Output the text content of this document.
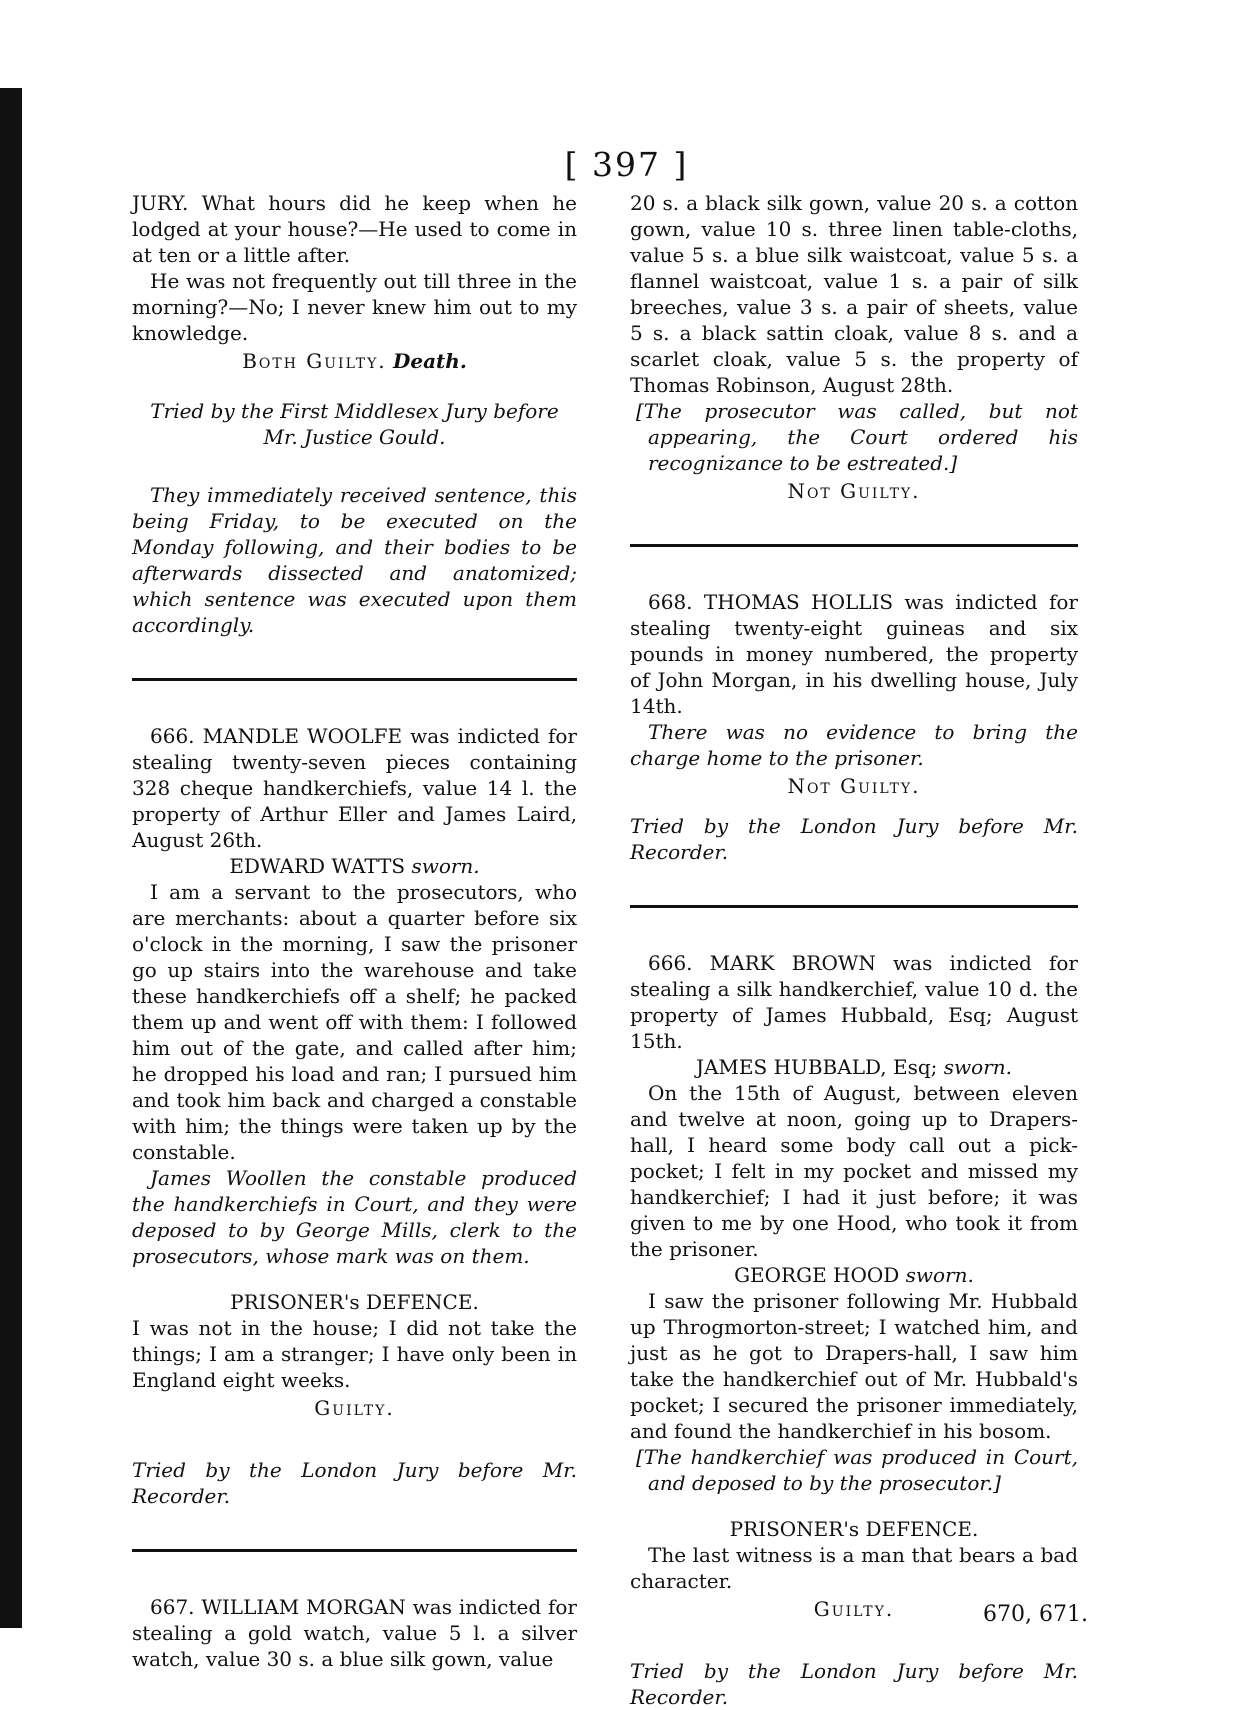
[ 397 ]

JURY. What hours did he keep when he lodged at your house?—He used to come in at ten or a little after.

He was not frequently out till three in the morning?—No; I never knew him out to my knowledge.

Both Guilty. Death.

Tried by the First Middlesex Jury before Mr. Justice Gould.

They immediately received sentence, this being Friday, to be executed on the Monday following, and their bodies to be afterwards dissected and anatomized; which sentence was executed upon them accordingly.

666. MANDLE WOOLFE was indicted for stealing twenty-seven pieces containing 328 cheque handkerchiefs, value 14 l. the property of Arthur Eller and James Laird, August 26th.

EDWARD WATTS sworn.

I am a servant to the prosecutors, who are merchants: about a quarter before six o'clock in the morning, I saw the prisoner go up stairs into the warehouse and take these handkerchiefs off a shelf; he packed them up and went off with them: I followed him out of the gate, and called after him; he dropped his load and ran; I pursued him and took him back and charged a constable with him; the things were taken up by the constable.

James Woollen the constable produced the handkerchiefs in Court, and they were deposed to by George Mills, clerk to the prosecutors, whose mark was on them.

PRISONER's DEFENCE.

I was not in the house; I did not take the things; I am a stranger; I have only been in England eight weeks.

Guilty.

Tried by the London Jury before Mr. Recorder.

667. WILLIAM MORGAN was indicted for stealing a gold watch, value 5 l. a silver watch, value 30 s. a blue silk gown, value

20 s. a black silk gown, value 20 s. a cotton gown, value 10 s. three linen table-cloths, value 5 s. a blue silk waistcoat, value 5 s. a flannel waistcoat, value 1 s. a pair of silk breeches, value 3 s. a pair of sheets, value 5 s. a black sattin cloak, value 8 s. and a scarlet cloak, value 5 s. the property of Thomas Robinson, August 28th.

[The prosecutor was called, but not appearing, the Court ordered his recognizance to be estreated.]

Not Guilty.

668. THOMAS HOLLIS was indicted for stealing twenty-eight guineas and six pounds in money numbered, the property of John Morgan, in his dwelling house, July 14th.

There was no evidence to bring the charge home to the prisoner.

Not Guilty.

Tried by the London Jury before Mr. Recorder.

666. MARK BROWN was indicted for stealing a silk handkerchief, value 10 d. the property of James Hubbald, Esq; August 15th.

JAMES HUBBALD, Esq; sworn.

On the 15th of August, between eleven and twelve at noon, going up to Drapers-hall, I heard some body call out a pick-pocket; I felt in my pocket and missed my handkerchief; I had it just before; it was given to me by one Hood, who took it from the prisoner.

GEORGE HOOD sworn.

I saw the prisoner following Mr. Hubbald up Throgmorton-street; I watched him, and just as he got to Drapers-hall, I saw him take the handkerchief out of Mr. Hubbald's pocket; I secured the prisoner immediately, and found the handkerchief in his bosom.

[The handkerchief was produced in Court, and deposed to by the prosecutor.]

PRISONER's DEFENCE.

The last witness is a man that bears a bad character.

Guilty.

Tried by the London Jury before Mr. Recorder.

670, 671.
